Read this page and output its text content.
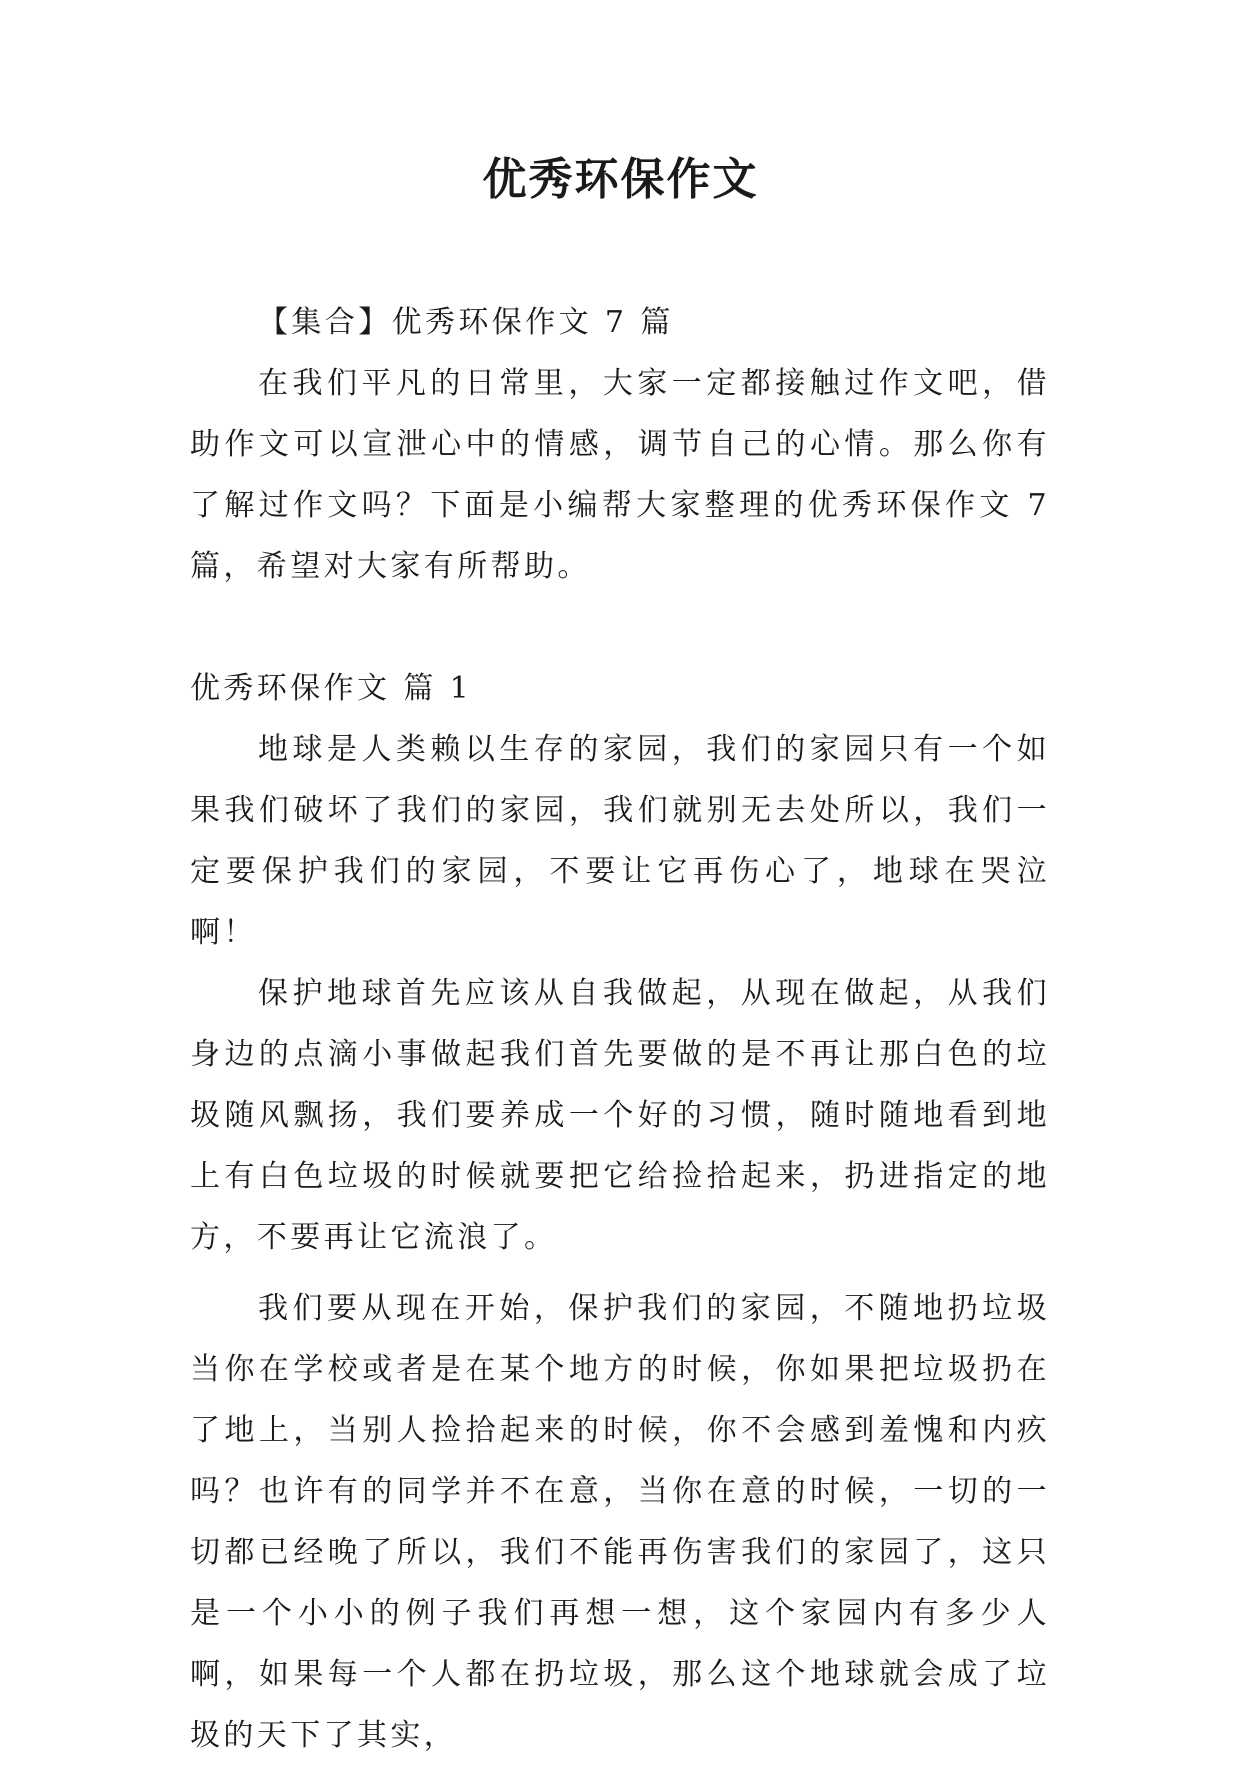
优秀环保作文

【集合】优秀环保作文 7 篇

在我们平凡的日常里，大家一定都接触过作文吧，借助作文可以宣泄心中的情感，调节自己的心情。那么你有了解过作文吗？下面是小编帮大家整理的优秀环保作文 7 篇，希望对大家有所帮助。

优秀环保作文 篇 1

地球是人类赖以生存的家园，我们的家园只有一个如果我们破坏了我们的家园，我们就别无去处所以，我们一定要保护我们的家园，不要让它再伤心了，地球在哭泣啊！

保护地球首先应该从自我做起，从现在做起，从我们身边的点滴小事做起我们首先要做的是不再让那白色的垃圾随风飘扬，我们要养成一个好的习惯，随时随地看到地上有白色垃圾的时候就要把它给捡拾起来，扔进指定的地方，不要再让它流浪了。

我们要从现在开始，保护我们的家园，不随地扔垃圾当你在学校或者是在某个地方的时候，你如果把垃圾扔在了地上，当别人捡拾起来的时候，你不会感到羞愧和内疚吗？也许有的同学并不在意，当你在意的时候，一切的一切都已经晚了所以，我们不能再伤害我们的家园了，这只是一个小小的例子我们再想一想，这个家园内有多少人啊，如果每一个人都在扔垃圾，那么这个地球就会成了垃圾的天下了其实，
